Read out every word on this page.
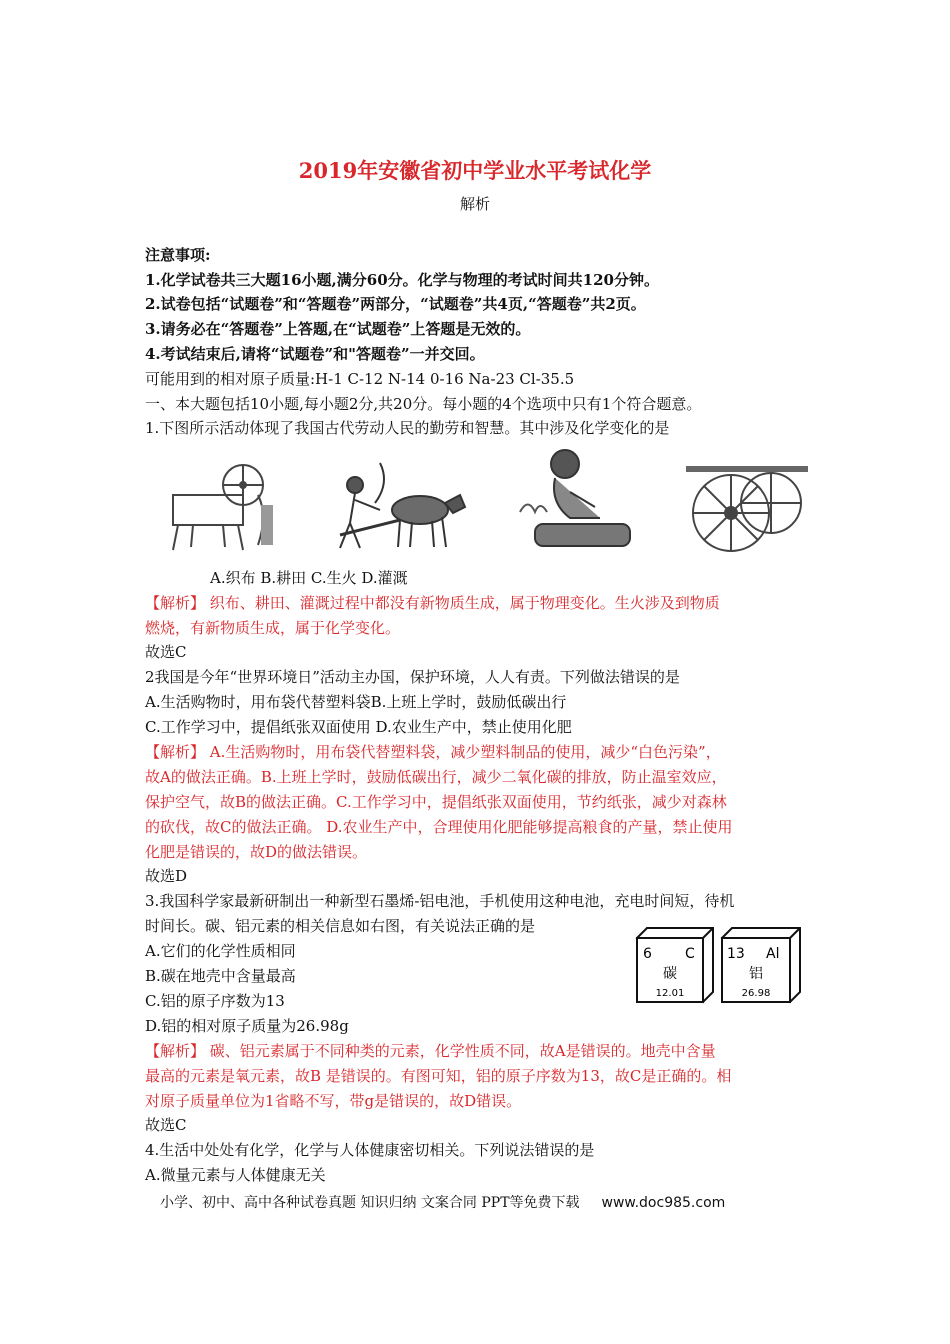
2019年安徽省初中学业水平考试化学
解析
注意事项:
1.化学试卷共三大题16小题,满分60分。化学与物理的考试时间共120分钟。
2.试卷包括“试题卷”和“答题卷”两部分，“试题卷”共4页,“答题卷”共2页。
3.请务必在“答题卷”上答题,在“试题卷”上答题是无效的。
4.考试结束后,请将“试题卷”和"答题卷”一并交回。
可能用到的相对原子质量:H-1 C-12 N-14 0-16 Na-23 Cl-35.5
一、本大题包括10小题,每小题2分,共20分。每小题的4个选项中只有1个符合题意。
1.下图所示活动体现了我国古代劳动人民的勤劳和智慧。其中涉及化学变化的是
A.织布 B.耕田 C.生火 D.灌溉
【解析】 织布、耕田、灌溉过程中都没有新物质生成，属于物理变化。生火涉及到物质
燃烧，有新物质生成，属于化学变化。
故选C
2我国是今年“世界环境日”活动主办国，保护环境，人人有责。下列做法错误的是
A.生活购物时，用布袋代替塑料袋B.上班上学时，鼓励低碳出行
C.工作学习中，提倡纸张双面使用 D.农业生产中，禁止使用化肥
【解析】 A.生活购物时，用布袋代替塑料袋，减少塑料制品的使用，减少“白色污染”，
故A的做法正确。B.上班上学时，鼓励低碳出行，减少二氧化碳的排放，防止温室效应，
保护空气，故B的做法正确。C.工作学习中，提倡纸张双面使用，节约纸张，减少对森林
的砍伐，故C的做法正确。 D.农业生产中，合理使用化肥能够提高粮食的产量，禁止使用
化肥是错误的，故D的做法错误。
故选D
3.我国科学家最新研制出一种新型石墨烯-铝电池，手机使用这种电池，充电时间短，待机
时间长。碳、铝元素的相关信息如右图，有关说法正确的是
A.它们的化学性质相同
B.碳在地壳中含量最高
C.铝的原子序数为13
D.铝的相对原子质量为26.98g
6 C
碳
12.01
13 Al
铝
26.98
【解析】 碳、铝元素属于不同种类的元素，化学性质不同，故A是错误的。地壳中含量
最高的元素是氧元素，故B 是错误的。有图可知，铝的原子序数为13，故C是正确的。相
对原子质量单位为1省略不写，带g是错误的，故D错误。
故选C
4.生活中处处有化学，化学与人体健康密切相关。下列说法错误的是
A.微量元素与人体健康无关
小学、初中、高中各种试卷真题 知识归纳 文案合同 PPT等免费下载 www.doc985.com
